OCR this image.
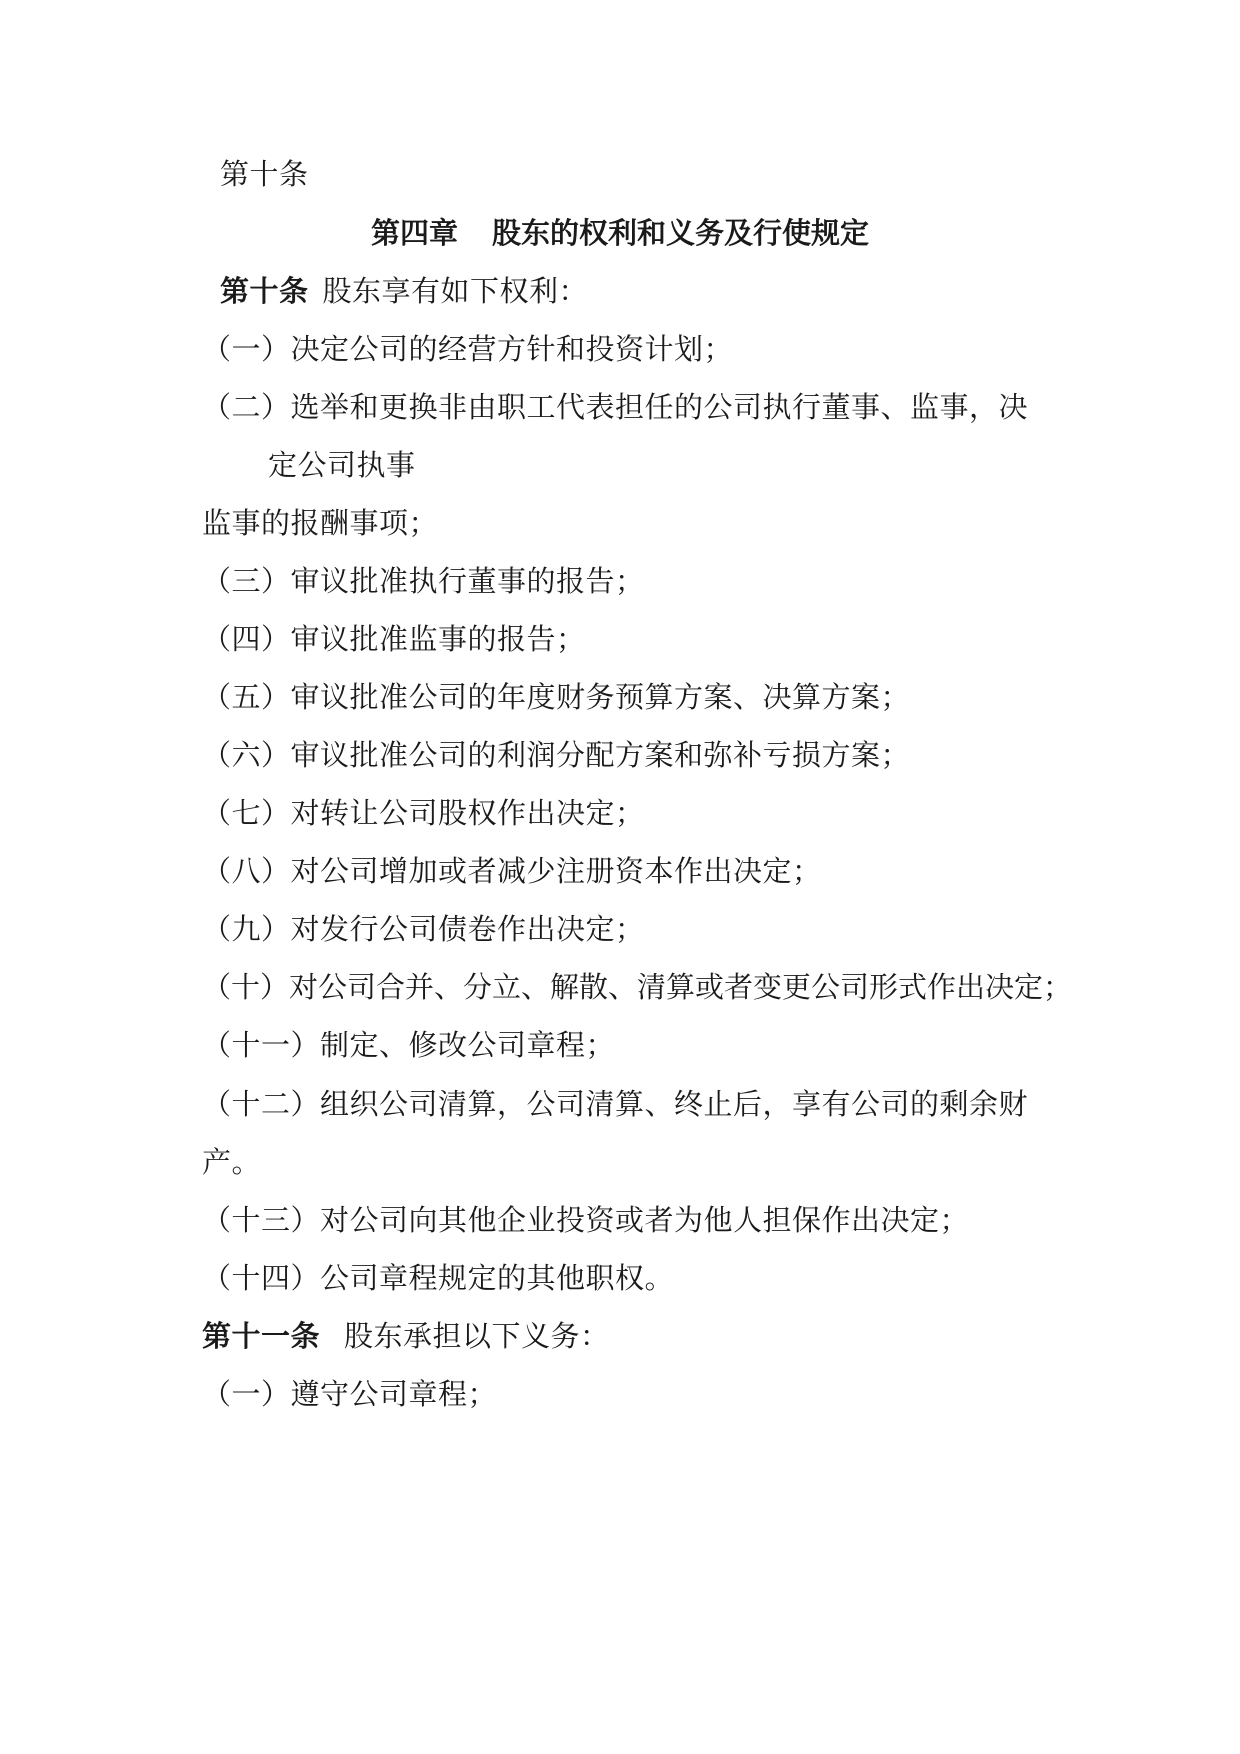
第十条
第四章 股东的权利和义务及行使规定
第十条 股东享有如下权利：
（一）决定公司的经营方针和投资计划；
（二）选举和更换非由职工代表担任的公司执行董事、监事，决
定公司执事
监事的报酬事项；
（三）审议批准执行董事的报告；
（四）审议批准监事的报告；
（五）审议批准公司的年度财务预算方案、决算方案；
（六）审议批准公司的利润分配方案和弥补亏损方案；
（七）对转让公司股权作出决定；
（八）对公司增加或者减少注册资本作出决定；
（九）对发行公司债卷作出决定；
（十）对公司合并、分立、解散、清算或者变更公司形式作出决定；
（十一）制定、修改公司章程；
（十二）组织公司清算，公司清算、终止后，享有公司的剩余财
产。
（十三）对公司向其他企业投资或者为他人担保作出决定；
（十四）公司章程规定的其他职权。
第十一条 股东承担以下义务：
（一）遵守公司章程；
